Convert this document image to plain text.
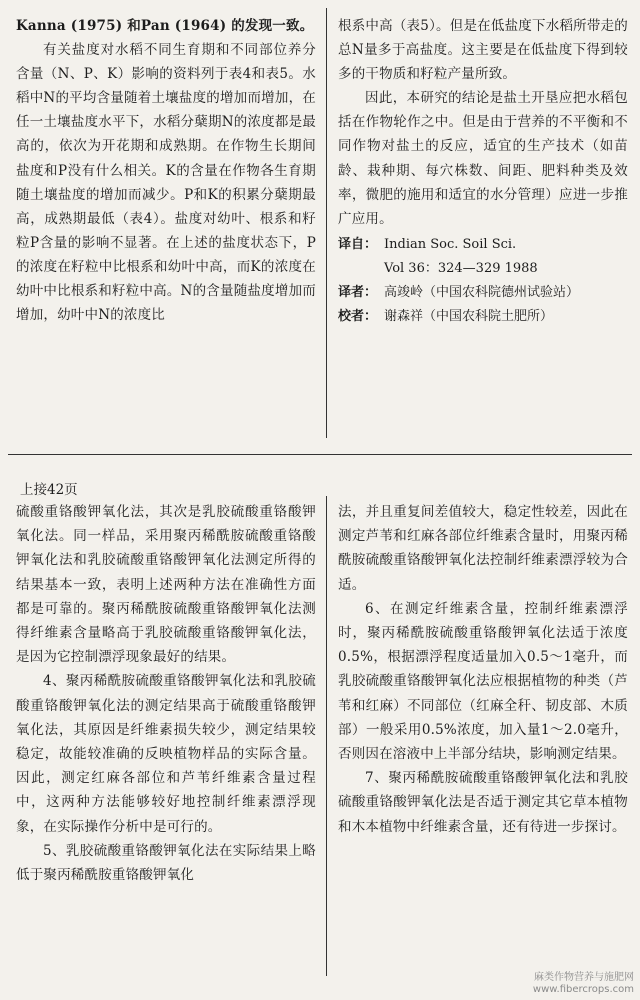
Kanna (1975) 和Pan (1964) 的发现一致。

有关盐度对水稻不同生育期和不同部位养分含量（N、P、K）影响的资料列于表4和表5。水稻中N的平均含量随着土壤盐度的增加而增加，在任一土壤盐度水平下，水稻分蘖期N的浓度都是最高的，依次为开花期和成熟期。在作物生长期间盐度和P没有什么相关。K的含量在作物各生育期随土壤盐度的增加而减少。P和K的积累分蘖期最高，成熟期最低（表4）。盐度对幼叶、根系和籽粒P含量的影响不显著。在上述的盐度状态下，P的浓度在籽粒中比根系和幼叶中高，而K的浓度在幼叶中比根系和籽粒中高。N的含量随盐度增加而增加，幼叶中N的浓度比

根系中高（表5）。但是在低盐度下水稻所带走的总N量多于高盐度。这主要是在低盐度下得到较多的干物质和籽粒产量所致。

因此，本研究的结论是盐土开垦应把水稻包括在作物轮作之中。但是由于营养的不平衡和不同作物对盐土的反应，适宜的生产技术（如苗龄、栽种期、每穴株数、间距、肥料种类及效率，微肥的施用和适宜的水分管理）应进一步推广应用。

译自： Indian Soc. Soil Sci.
Vol 36：324—329 1988
译者： 高竣岭（中国农科院德州试验站）
校者： 谢森祥（中国农科院土肥所）
上接42页

硫酸重铬酸钾氧化法，其次是乳胶硫酸重铬酸钾氧化法。同一样品，采用聚丙稀酰胺硫酸重铬酸钾氧化法和乳胶硫酸重铬酸钾氧化法测定所得的结果基本一致，表明上述两种方法在准确性方面都是可靠的。聚丙稀酰胺硫酸重铬酸钾氧化法测得纤维素含量略高于乳胶硫酸重铬酸钾氧化法，是因为它控制漂浮现象最好的结果。

4、聚丙稀酰胺硫酸重铬酸钾氧化法和乳胶硫酸重铬酸钾氧化法的测定结果高于硫酸重铬酸钾氧化法，其原因是纤维素损失较少，测定结果较稳定，故能较准确的反映植物样品的实际含量。因此，测定红麻各部位和芦苇纤维素含量过程中，这两种方法能够较好地控制纤维素漂浮现象，在实际操作分析中是可行的。

5、乳胶硫酸重铬酸钾氧化法在实际结果上略低于聚丙稀酰胺重铬酸钾氧化

法，并且重复间差值较大，稳定性较差，因此在测定芦苇和红麻各部位纤维素含量时，用聚丙稀酰胺硫酸重铬酸钾氧化法控制纤维素漂浮较为合适。

6、在测定纤维素含量，控制纤维素漂浮时，聚丙稀酰胺硫酸重铬酸钾氧化法适于浓度0.5%，根据漂浮程度适量加入0.5～1毫升，而乳胶硫酸重铬酸钾氧化法应根据植物的种类（芦苇和红麻）不同部位（红麻全秆、韧皮部、木质部）一般采用0.5%浓度，加入量1～2.0毫升，否则因在溶液中上半部分结块，影响测定结果。

7、聚丙稀酰胺硫酸重铬酸钾氧化法和乳胶硫酸重铬酸钾氧化法是否适于测定其它草本植物和木本植物中纤维素含量，还有待进一步探讨。

麻类作物营养与施肥网
www.fibercrops.com
